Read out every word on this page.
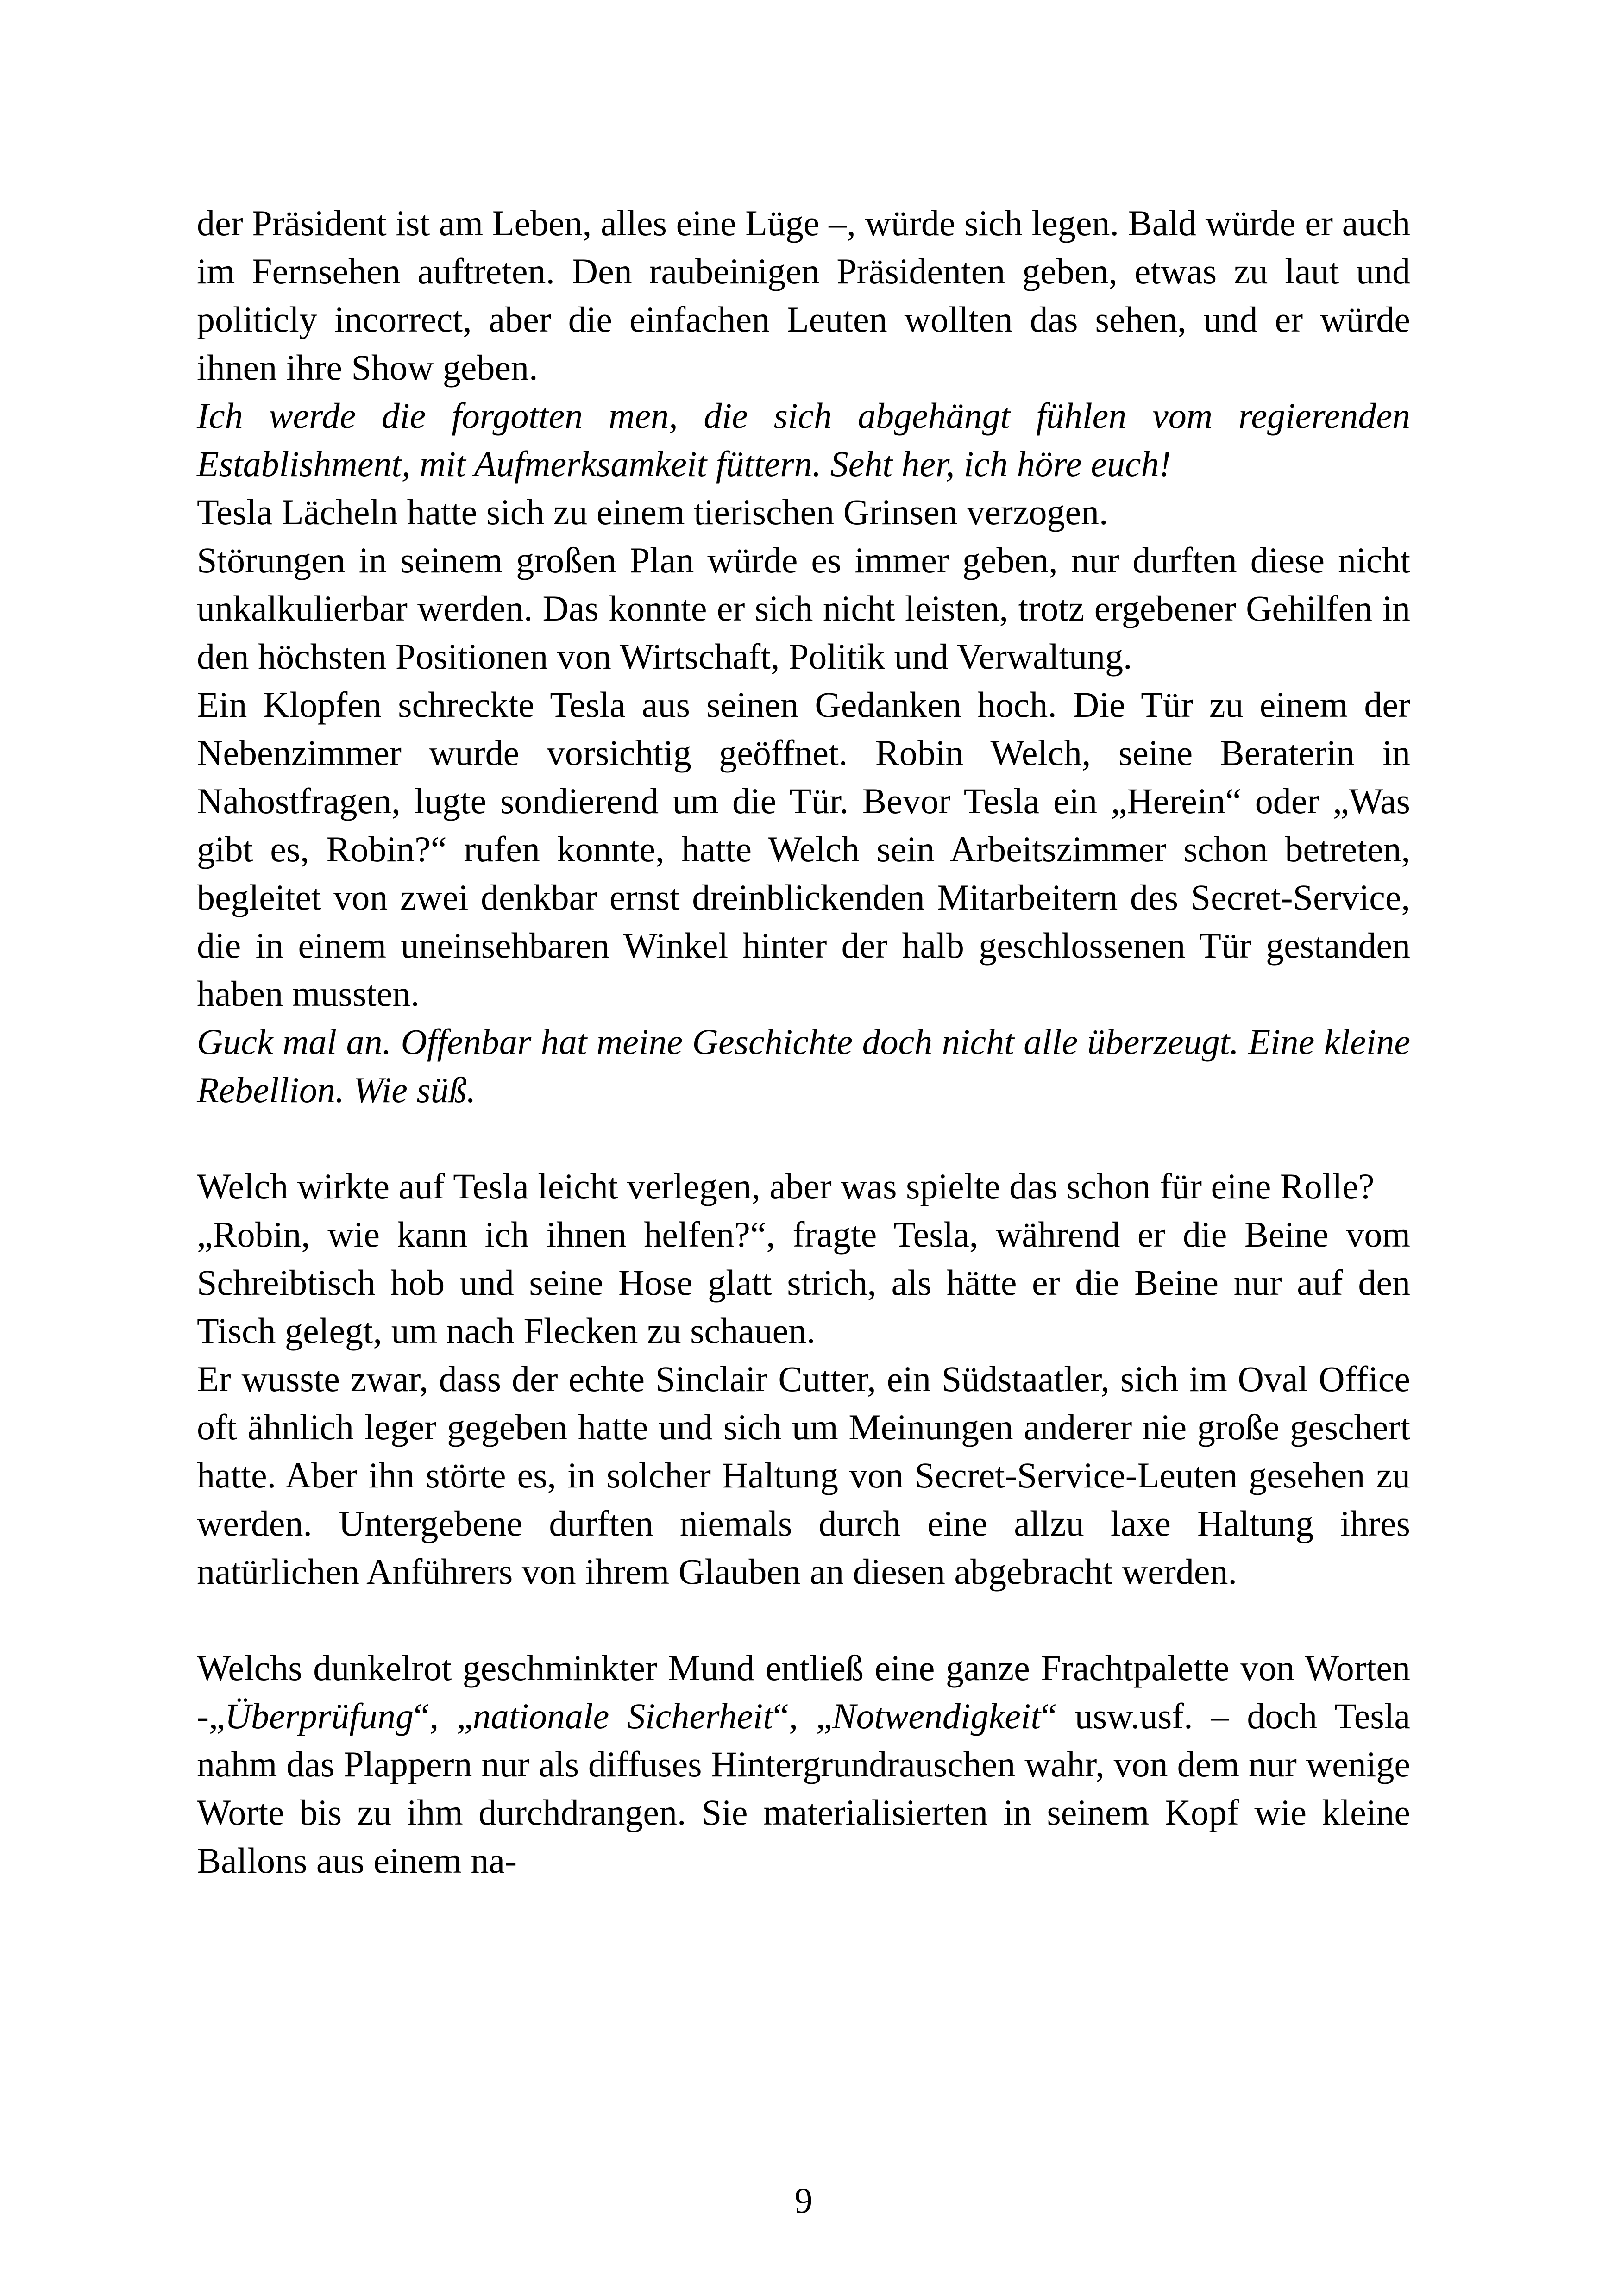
der Präsident ist am Leben, alles eine Lüge –, würde sich legen. Bald würde er auch im Fernsehen auftreten. Den raubeinigen Präsidenten geben, etwas zu laut und politicly incorrect, aber die einfachen Leuten wollten das sehen, und er würde ihnen ihre Show geben.

Ich werde die forgotten men, die sich abgehängt fühlen vom regierenden Establishment, mit Aufmerksamkeit füttern. Seht her, ich höre euch!

Tesla Lächeln hatte sich zu einem tierischen Grinsen verzogen.

Störungen in seinem großen Plan würde es immer geben, nur durften diese nicht unkalkulierbar werden. Das konnte er sich nicht leisten, trotz ergebener Gehilfen in den höchsten Positionen von Wirtschaft, Politik und Verwaltung.

Ein Klopfen schreckte Tesla aus seinen Gedanken hoch. Die Tür zu einem der Nebenzimmer wurde vorsichtig geöffnet. Robin Welch, seine Beraterin in Nahostfragen, lugte sondierend um die Tür. Bevor Tesla ein „Herein“ oder „Was gibt es, Robin?“ rufen konnte, hatte Welch sein Arbeitszimmer schon betreten, begleitet von zwei denkbar ernst dreinblickenden Mitarbeitern des Secret-Service, die in einem uneinsehbaren Winkel hinter der halb geschlossenen Tür gestanden haben mussten.

Guck mal an. Offenbar hat meine Geschichte doch nicht alle überzeugt. Eine kleine Rebellion. Wie süß.

Welch wirkte auf Tesla leicht verlegen, aber was spielte das schon für eine Rolle?

„Robin, wie kann ich ihnen helfen?“, fragte Tesla, während er die Beine vom Schreibtisch hob und seine Hose glatt strich, als hätte er die Beine nur auf den Tisch gelegt, um nach Flecken zu schauen.

Er wusste zwar, dass der echte Sinclair Cutter, ein Südstaatler, sich im Oval Office oft ähnlich leger gegeben hatte und sich um Meinungen anderer nie große geschert hatte. Aber ihn störte es, in solcher Haltung von Secret-Service-Leuten gesehen zu werden. Untergebene durften niemals durch eine allzu laxe Haltung ihres natürlichen Anführers von ihrem Glauben an diesen abgebracht werden.

Welchs dunkelrot geschminkter Mund entließ eine ganze Frachtpalette von Worten -„Überprüfung“, „nationale Sicherheit“, „Notwendigkeit“ usw.usf. – doch Tesla nahm das Plappern nur als diffuses Hintergrundrauschen wahr, von dem nur wenige Worte bis zu ihm durchdrangen. Sie materialisierten in seinem Kopf wie kleine Ballons aus einem na-

9
